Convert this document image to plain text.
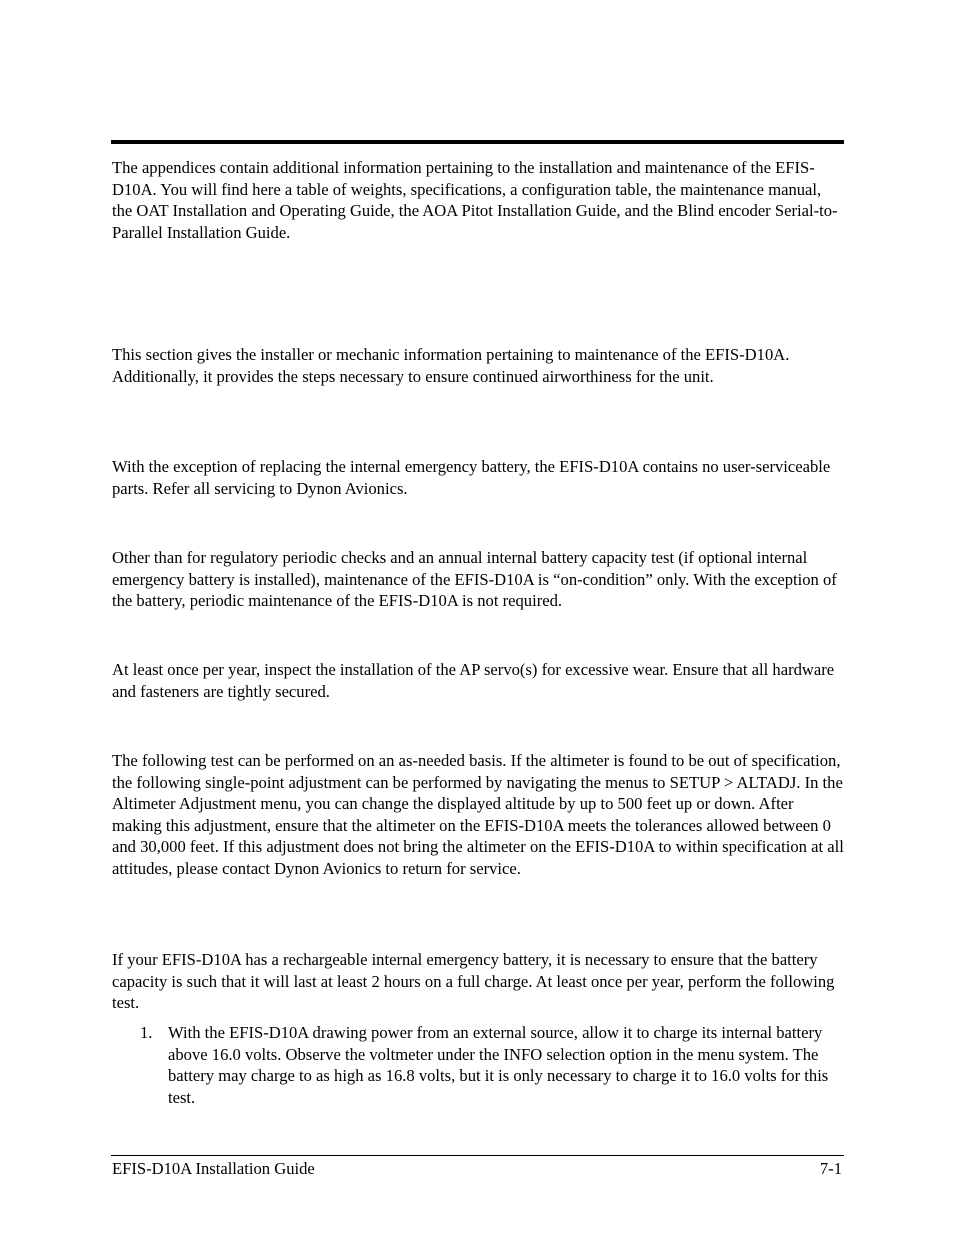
The appendices contain additional information pertaining to the installation and maintenance of the EFIS-D10A. You will find here a table of weights, specifications, a configuration table, the maintenance manual, the OAT Installation and Operating Guide, the AOA Pitot Installation Guide, and the Blind encoder Serial-to-Parallel Installation Guide.

This section gives the installer or mechanic information pertaining to maintenance of the EFIS-D10A. Additionally, it provides the steps necessary to ensure continued airworthiness for the unit.

With the exception of replacing the internal emergency battery, the EFIS-D10A contains no user-serviceable parts. Refer all servicing to Dynon Avionics.

Other than for regulatory periodic checks and an annual internal battery capacity test (if optional internal emergency battery is installed), maintenance of the EFIS-D10A is “on-condition” only. With the exception of the battery, periodic maintenance of the EFIS-D10A is not required.

At least once per year, inspect the installation of the AP servo(s) for excessive wear. Ensure that all hardware and fasteners are tightly secured.

The following test can be performed on an as-needed basis. If the altimeter is found to be out of specification, the following single-point adjustment can be performed by navigating the menus to SETUP > ALTADJ. In the Altimeter Adjustment menu, you can change the displayed altitude by up to 500 feet up or down. After making this adjustment, ensure that the altimeter on the EFIS-D10A meets the tolerances allowed between 0 and 30,000 feet. If this adjustment does not bring the altimeter on the EFIS-D10A to within specification at all attitudes, please contact Dynon Avionics to return for service.

If your EFIS-D10A has a rechargeable internal emergency battery, it is necessary to ensure that the battery capacity is such that it will last at least 2 hours on a full charge. At least once per year, perform the following test.

1. With the EFIS-D10A drawing power from an external source, allow it to charge its internal battery above 16.0 volts. Observe the voltmeter under the INFO selection option in the menu system. The battery may charge to as high as 16.8 volts, but it is only necessary to charge it to 16.0 volts for this test.
EFIS-D10A Installation Guide	7-1
